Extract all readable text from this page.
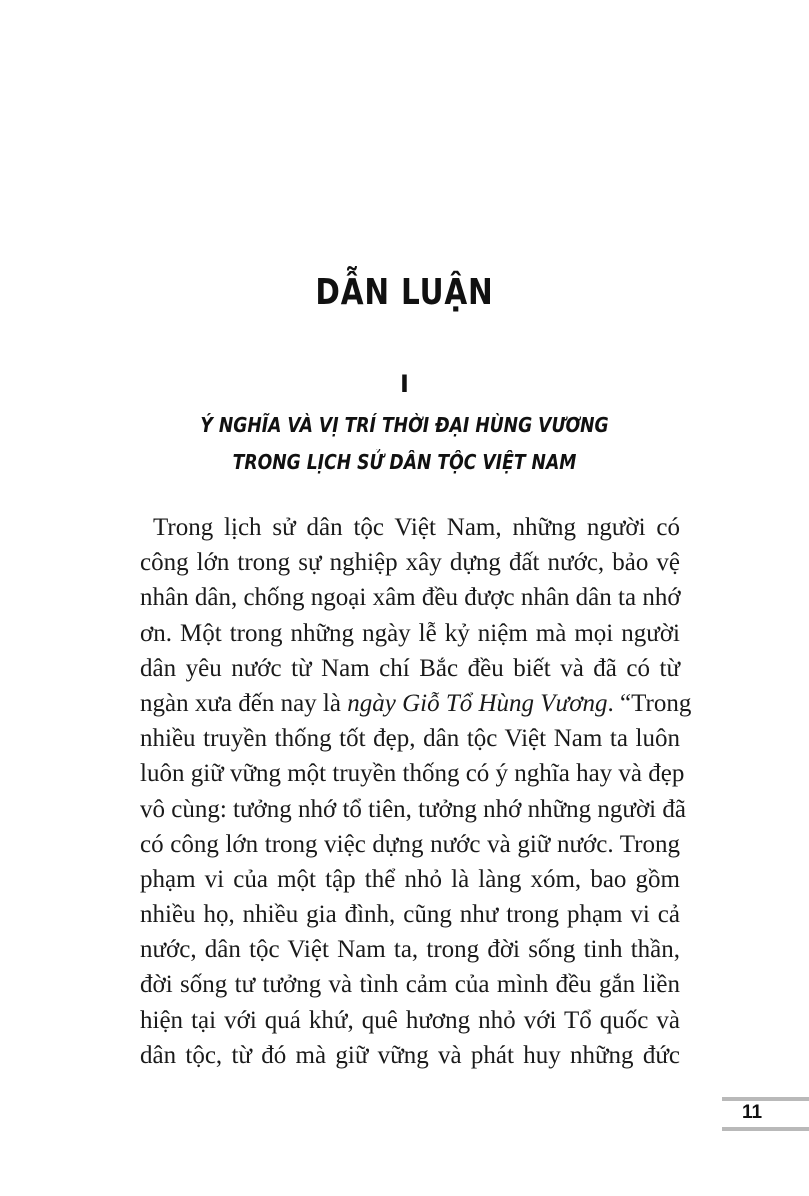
DẪN LUẬN
I
Ý NGHĨA VÀ VỊ TRÍ THỜI ĐẠI HÙNG VƯƠNG
TRONG LỊCH SỬ DÂN TỘC VIỆT NAM
Trong lịch sử dân tộc Việt Nam, những người có
công lớn trong sự nghiệp xây dựng đất nước, bảo vệ
nhân dân, chống ngoại xâm đều được nhân dân ta nhớ
ơn. Một trong những ngày lễ kỷ niệm mà mọi người
dân yêu nước từ Nam chí Bắc đều biết và đã có từ
ngàn xưa đến nay là ngày Giỗ Tổ Hùng Vương. “Trong
nhiều truyền thống tốt đẹp, dân tộc Việt Nam ta luôn
luôn giữ vững một truyền thống có ý nghĩa hay và đẹp
vô cùng: tưởng nhớ tổ tiên, tưởng nhớ những người đã
có công lớn trong việc dựng nước và giữ nước. Trong
phạm vi của một tập thể nhỏ là làng xóm, bao gồm
nhiều họ, nhiều gia đình, cũng như trong phạm vi cả
nước, dân tộc Việt Nam ta, trong đời sống tinh thần,
đời sống tư tưởng và tình cảm của mình đều gắn liền
hiện tại với quá khứ, quê hương nhỏ với Tổ quốc và
dân tộc, từ đó mà giữ vững và phát huy những đức
11
